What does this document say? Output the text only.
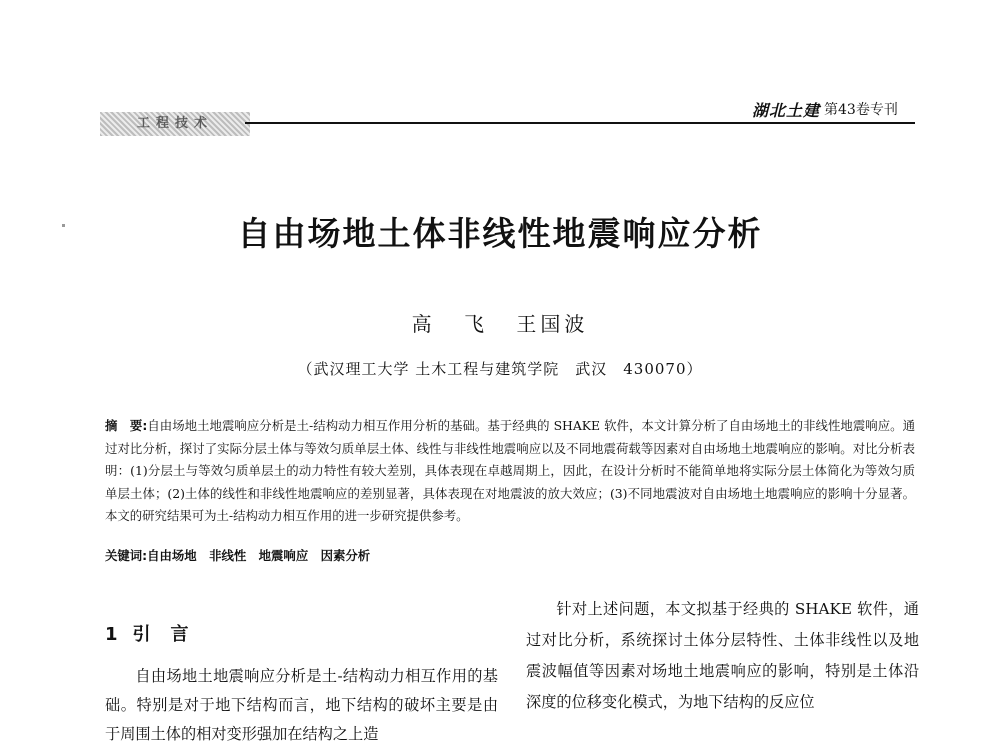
工程技术
湖北土建 第43卷专刊
自由场地土体非线性地震响应分析
高 飞 王国波
（武汉理工大学 土木工程与建筑学院　武汉　430070）
摘　要:自由场地土地震响应分析是土-结构动力相互作用分析的基础。基于经典的 SHAKE 软件，本文计算分析了自由场地土的非线性地震响应。通过对比分析，探讨了实际分层土体与等效匀质单层土体、线性与非线性地震响应以及不同地震荷载等因素对自由场地土地震响应的影响。对比分析表明：(1)分层土与等效匀质单层土的动力特性有较大差别，具体表现在卓越周期上，因此，在设计分析时不能简单地将实际分层土体简化为等效匀质单层土体；(2)土体的线性和非线性地震响应的差别显著，具体表现在对地震波的放大效应；(3)不同地震波对自由场地土地震响应的影响十分显著。本文的研究结果可为土-结构动力相互作用的进一步研究提供参考。
关键词:自由场地　非线性　地震响应　因素分析
1 引　言
自由场地土地震响应分析是土-结构动力相互作用的基础。特别是对于地下结构而言，地下结构的破坏主要是由于周围土体的相对变形强加在结构之上造
针对上述问题，本文拟基于经典的 SHAKE 软件，通过对比分析，系统探讨土体分层特性、土体非线性以及地震波幅值等因素对场地土地震响应的影响，特别是土体沿深度的位移变化模式，为地下结构的反应位
